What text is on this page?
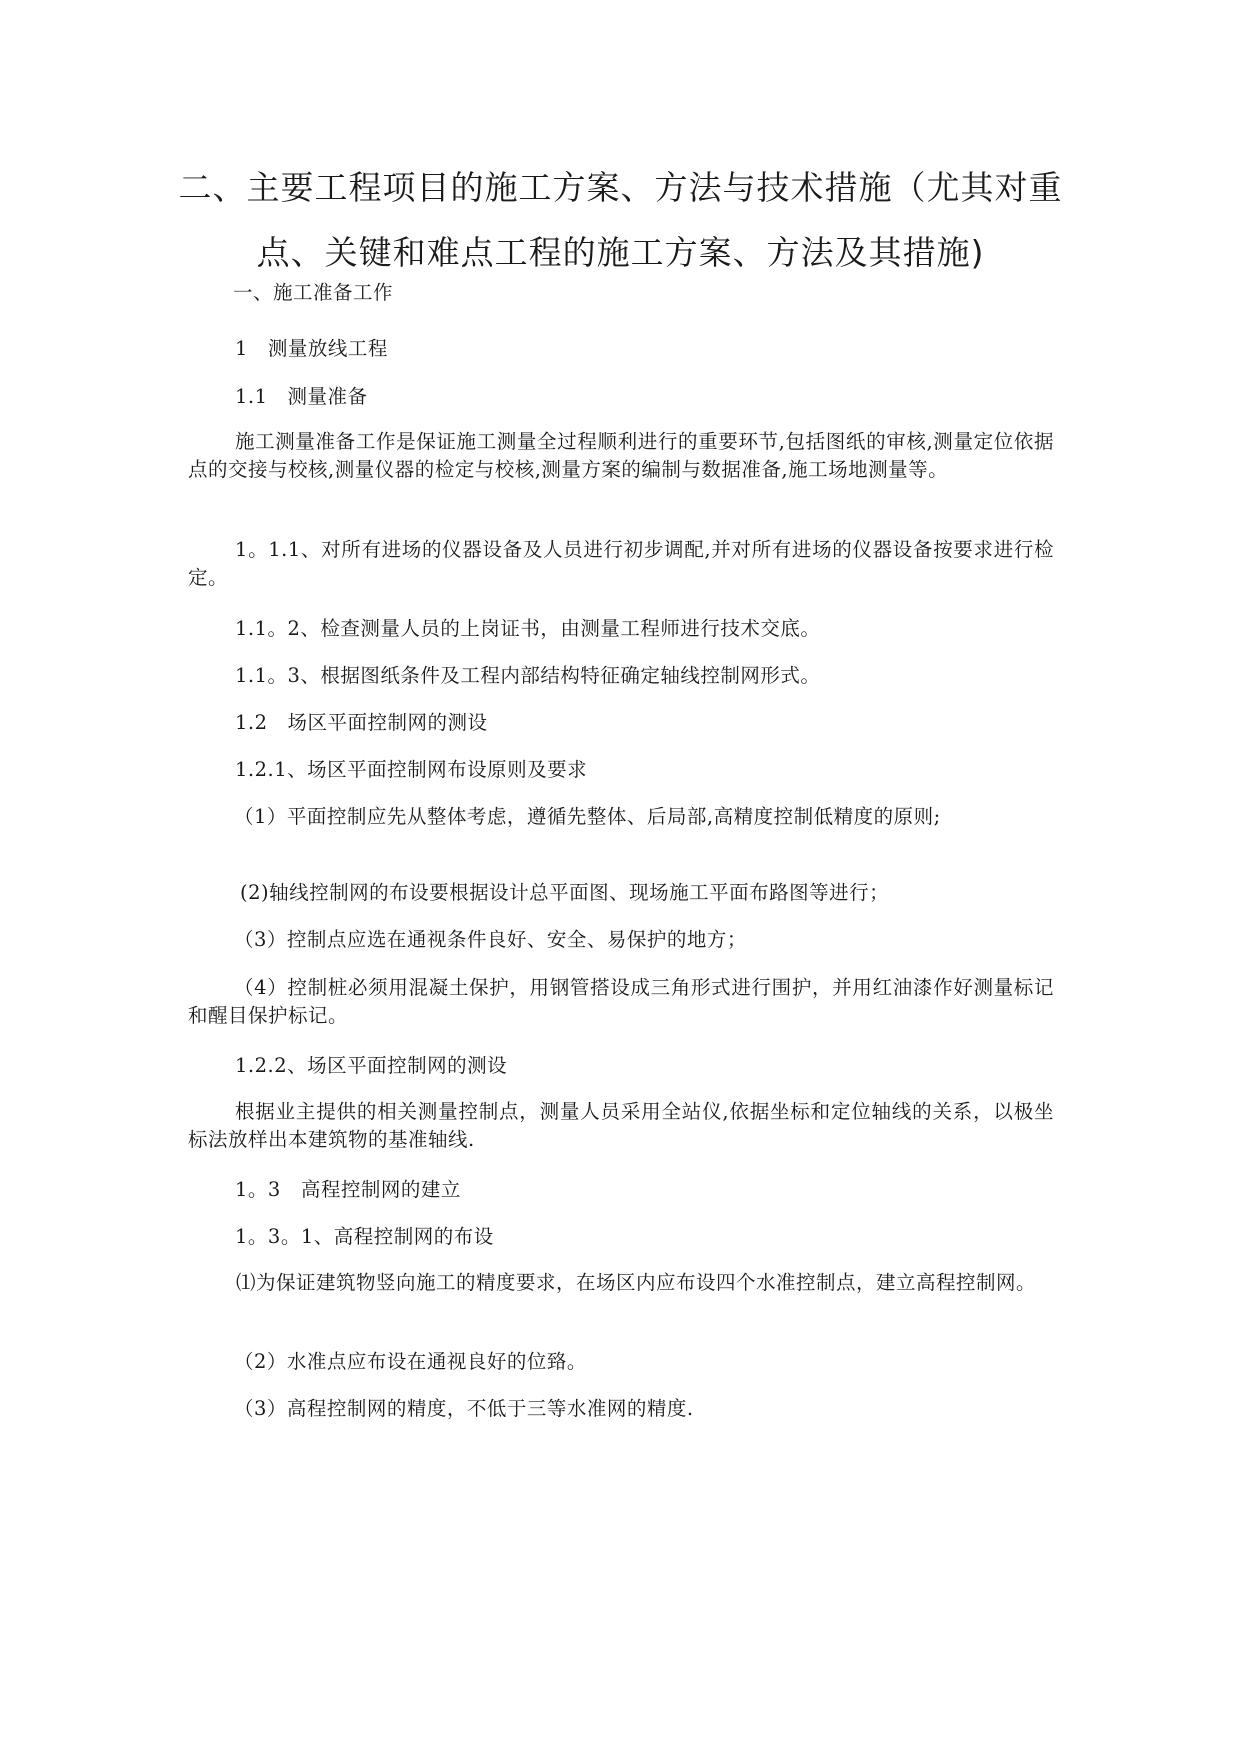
二、主要工程项目的施工方案、方法与技术措施（尤其对重
点、关键和难点工程的施工方案、方法及其措施)
一、施工准备工作
1　测量放线工程
1.1　测量准备
施工测量准备工作是保证施工测量全过程顺利进行的重要环节,包括图纸的审核,测量定位依据点的交接与校核,测量仪器的检定与校核,测量方案的编制与数据准备,施工场地测量等。
1。1.1、对所有进场的仪器设备及人员进行初步调配,并对所有进场的仪器设备按要求进行检定。
1.1。2、检查测量人员的上岗证书，由测量工程师进行技术交底。
1.1。3、根据图纸条件及工程内部结构特征确定轴线控制网形式。
1.2　场区平面控制网的测设
1.2.1、场区平面控制网布设原则及要求
（1）平面控制应先从整体考虑，遵循先整体、后局部,高精度控制低精度的原则;
(2)轴线控制网的布设要根据设计总平面图、现场施工平面布路图等进行；
（3）控制点应选在通视条件良好、安全、易保护的地方；
（4）控制桩必须用混凝土保护，用钢管搭设成三角形式进行围护，并用红油漆作好测量标记和醒目保护标记。
1.2.2、场区平面控制网的测设
根据业主提供的相关测量控制点，测量人员采用全站仪,依据坐标和定位轴线的关系，以极坐标法放样出本建筑物的基准轴线.
1。3　高程控制网的建立
1。3。1、高程控制网的布设
⑴为保证建筑物竖向施工的精度要求，在场区内应布设四个水准控制点，建立高程控制网。
（2）水准点应布设在通视良好的位臵。
（3）高程控制网的精度，不低于三等水准网的精度.
